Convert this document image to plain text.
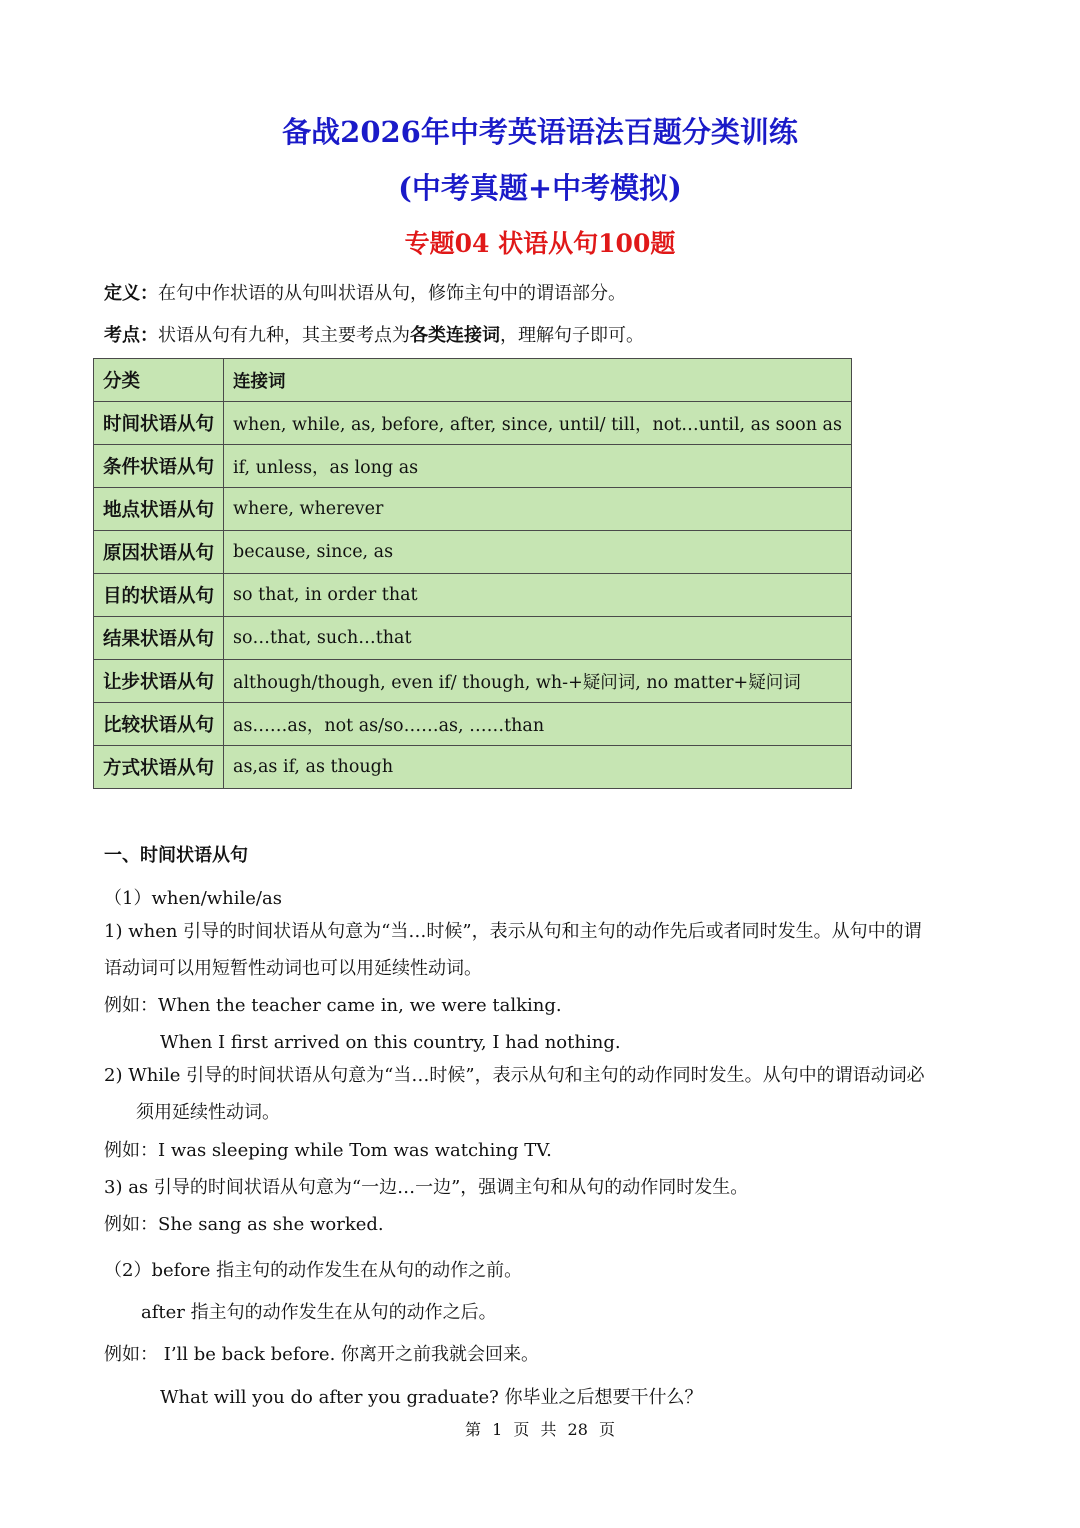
备战2026年中考英语语法百题分类训练
(中考真题+中考模拟)
专题04 状语从句100题
定义：在句中作状语的从句叫状语从句，修饰主句中的谓语部分。
考点：状语从句有九种，其主要考点为各类连接词，理解句子即可。
分类	连接词
时间状语从句	when, while, as, before, after, since, until/ till，not…until, as soon as
条件状语从句	if, unless，as long as
地点状语从句	where, wherever
原因状语从句	because, since, as
目的状语从句	so that, in order that
结果状语从句	so…that, such…that
让步状语从句	although/though, even if/ though, wh-+疑问词, no matter+疑问词
比较状语从句	as……as，not as/so……as, ……than
方式状语从句	as,as if, as though
一、时间状语从句
（1）when/while/as
1) when 引导的时间状语从句意为“当…时候”，表示从句和主句的动作先后或者同时发生。从句中的谓
语动词可以用短暂性动词也可以用延续性动词。
例如：When the teacher came in, we were talking.
When I first arrived on this country, I had nothing.
2) While 引导的时间状语从句意为“当…时候”，表示从句和主句的动作同时发生。从句中的谓语动词必
须用延续性动词。
例如：I was sleeping while Tom was watching TV.
3) as 引导的时间状语从句意为“一边…一边”，强调主句和从句的动作同时发生。
例如：She sang as she worked.
（2）before 指主句的动作发生在从句的动作之前。
after 指主句的动作发生在从句的动作之后。
例如： I’ll be back before. 你离开之前我就会回来。
What will you do after you graduate? 你毕业之后想要干什么？
第 1 页 共 28 页
